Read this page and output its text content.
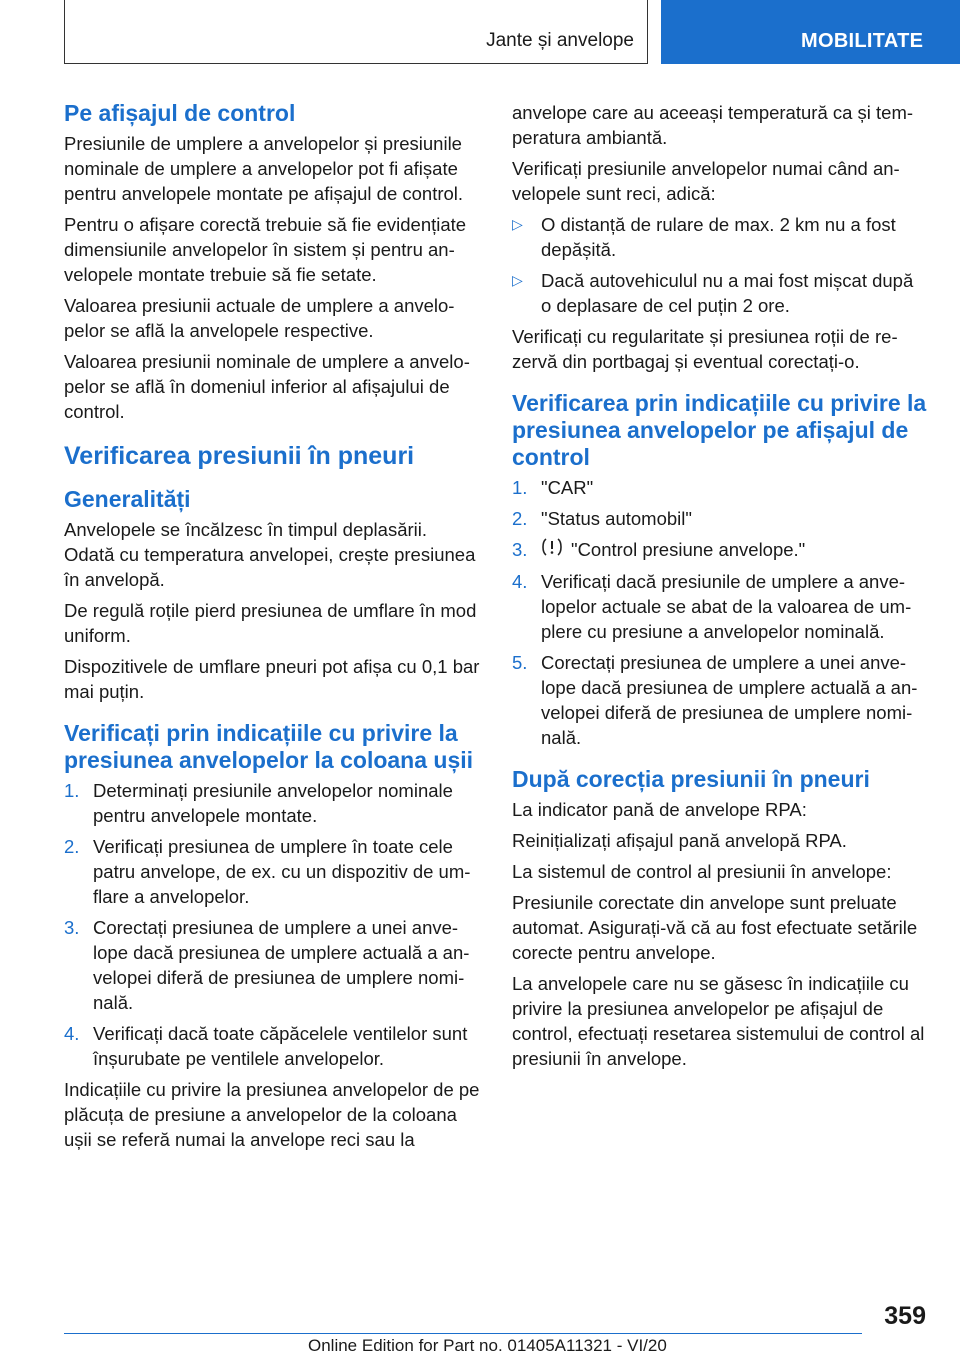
Jante și anvelope	MOBILITATE
Pe afișajul de control

Presiunile de umplere a anvelopelor și presiunile nominale de umplere a anvelopelor pot fi afișate pentru anvelopele montate pe afișajul de control.

Pentru o afișare corectă trebuie să fie evidențiate dimensiunile anvelopelor în sistem și pentru anvelopele montate trebuie să fie setate.

Valoarea presiunii actuale de umplere a anvelopelor se află la anvelopele respective.

Valoarea presiunii nominale de umplere a anvelopelor se află în domeniul inferior al afișajului de control.

Verificarea presiunii în pneuri
Generalități

Anvelopele se încălzesc în timpul deplasării. Odată cu temperatura anvelopei, crește presiunea în anvelopă.

De regulă roțile pierd presiunea de umflare în mod uniform.

Dispozitivele de umflare pneuri pot afișa cu 0,1 bar mai puțin.

Verificați prin indicațiile cu privire la presiunea anvelopelor la coloana ușii
1. Determinați presiunile anvelopelor nominale pentru anvelopele montate.
2. Verificați presiunea de umplere în toate cele patru anvelope, de ex. cu un dispozitiv de umflare a anvelopelor.
3. Corectați presiunea de umplere a unei anvelope dacă presiunea de umplere actuală a anvelopei diferă de presiunea de umplere nominală.
4. Verificați dacă toate căpăcelele ventilelor sunt înșurubate pe ventilele anvelopelor.

Indicațiile cu privire la presiunea anvelopelor de pe plăcuța de presiune a anvelopelor de la coloana ușii se referă numai la anvelope reci sau la

anvelope care au aceeași temperatură ca și temperatura ambiantă.

Verificați presiunile anvelopelor numai când anvelopele sunt reci, adică:

▷ O distanță de rulare de max. 2 km nu a fost depășită.
▷ Dacă autovehiculul nu a mai fost mișcat după o deplasare de cel puțin 2 ore.

Verificați cu regularitate și presiunea roții de rezervă din portbagaj și eventual corectați-o.

Verificarea prin indicațiile cu privire la presiunea anvelopelor pe afișajul de control
1. "CAR"
2. "Status automobil"
3. "Control presiune anvelope."
4. Verificați dacă presiunile de umplere a anvelopelor actuale se abat de la valoarea de umplere cu presiune a anvelopelor nominală.
5. Corectați presiunea de umplere a unei anvelope dacă presiunea de umplere actuală a anvelopei diferă de presiunea de umplere nominală.
După corecția presiunii în pneuri

La indicator pană de anvelope RPA:

Reinițializați afișajul pană anvelopă RPA.

La sistemul de control al presiunii în anvelope:

Presiunile corectate din anvelope sunt preluate automat. Asigurați-vă că au fost efectuate setările corecte pentru anvelope.

La anvelopele care nu se găsesc în indicațiile cu privire la presiunea anvelopelor pe afișajul de control, efectuați resetarea sistemului de control al presiunii în anvelope.

359
Online Edition for Part no. 01405A11321 - VI/20
